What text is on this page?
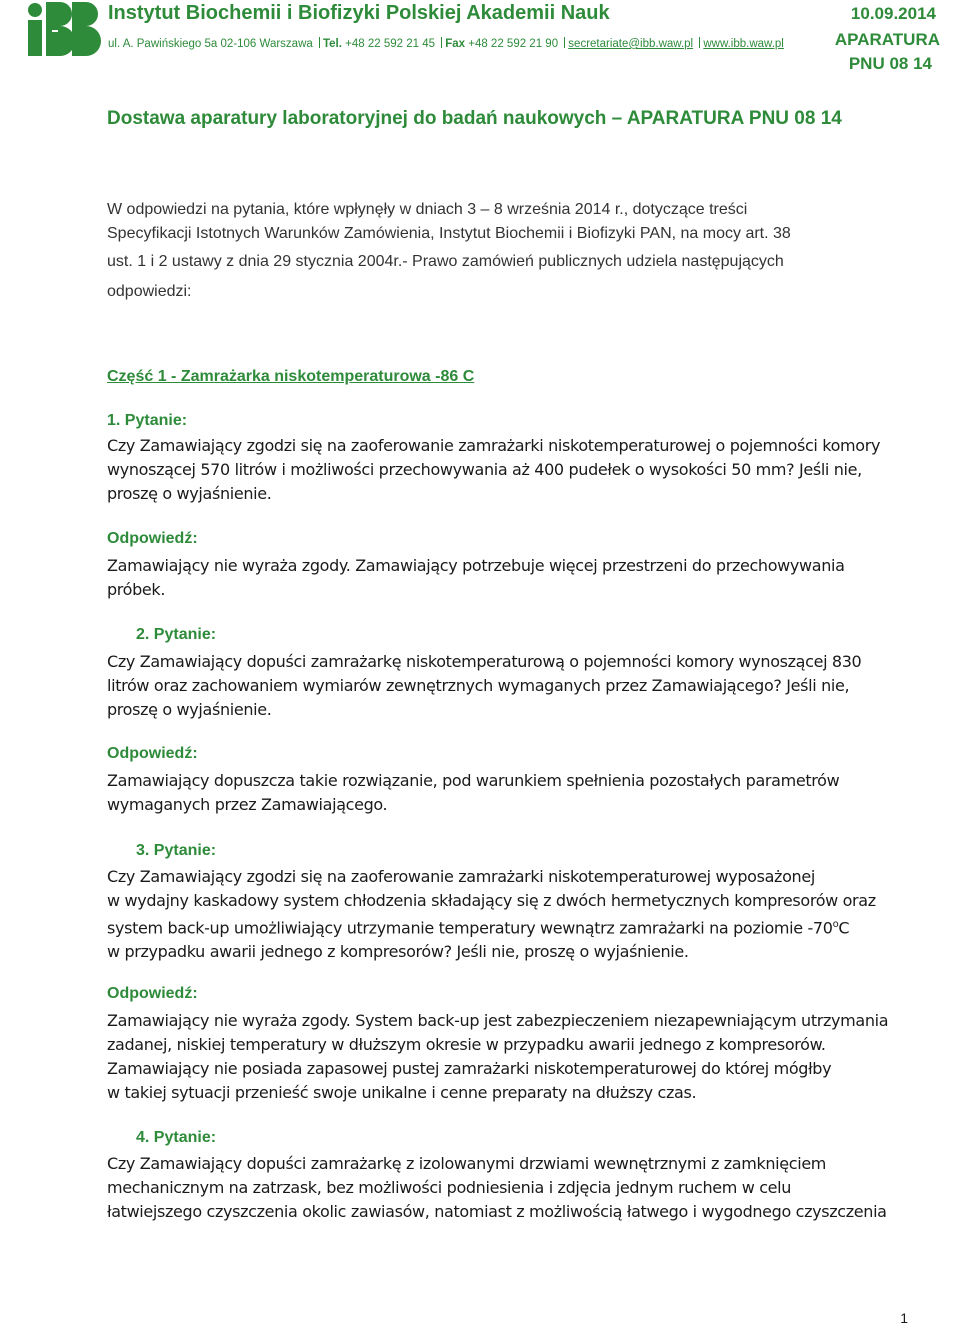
Instytut Biochemii i Biofizyki Polskiej Akademii Nauk
ul. A. Pawińskiego 5a 02-106 Warszawa Tel. +48 22 592 21 45 Fax +48 22 592 21 90 secretariate@ibb.waw.pl www.ibb.waw.pl
10.09.2014
APARATURA
PNU 08 14
Dostawa aparatury laboratoryjnej do badań naukowych – APARATURA PNU 08 14
W odpowiedzi na pytania, które wpłynęły w dniach 3 – 8 września 2014 r., dotyczące treści
Specyfikacji Istotnych Warunków Zamówienia, Instytut Biochemii i Biofizyki PAN, na mocy art. 38
ust. 1 i 2 ustawy z dnia 29 stycznia 2004r.- Prawo zamówień publicznych udziela następujących
odpowiedzi:
Część 1 - Zamrażarka niskotemperaturowa -86 C
1. Pytanie:
Czy Zamawiający zgodzi się na zaoferowanie zamrażarki niskotemperaturowej o pojemności komory
wynoszącej 570 litrów i możliwości przechowywania aż 400 pudełek o wysokości 50 mm? Jeśli nie,
proszę o wyjaśnienie.
Odpowiedź:
Zamawiający nie wyraża zgody. Zamawiający potrzebuje więcej przestrzeni do przechowywania
próbek.
2. Pytanie:
Czy Zamawiający dopuści zamrażarkę niskotemperaturową o pojemności komory wynoszącej 830
litrów oraz zachowaniem wymiarów zewnętrznych wymaganych przez Zamawiającego? Jeśli nie,
proszę o wyjaśnienie.
Odpowiedź:
Zamawiający dopuszcza takie rozwiązanie, pod warunkiem spełnienia pozostałych parametrów
wymaganych przez Zamawiającego.
3. Pytanie:
Czy Zamawiający zgodzi się na zaoferowanie zamrażarki niskotemperaturowej wyposażonej
w wydajny kaskadowy system chłodzenia składający się z dwóch hermetycznych kompresorów oraz
system back-up umożliwiający utrzymanie temperatury wewnątrz zamrażarki na poziomie -70$^o$C
w przypadku awarii jednego z kompresorów? Jeśli nie, proszę o wyjaśnienie.
Odpowiedź:
Zamawiający nie wyraża zgody. System back-up jest zabezpieczeniem niezapewniającym utrzymania
zadanej, niskiej temperatury w dłuższym okresie w przypadku awarii jednego z kompresorów.
Zamawiający nie posiada zapasowej pustej zamrażarki niskotemperaturowej do której mógłby
w takiej sytuacji przenieść swoje unikalne i cenne preparaty na dłuższy czas.
4. Pytanie:
Czy Zamawiający dopuści zamrażarkę z izolowanymi drzwiami wewnętrznymi z zamknięciem
mechanicznym na zatrzask, bez możliwości podniesienia i zdjęcia jednym ruchem w celu
łatwiejszego czyszczenia okolic zawiasów, natomiast z możliwością łatwego i wygodnego czyszczenia
1
